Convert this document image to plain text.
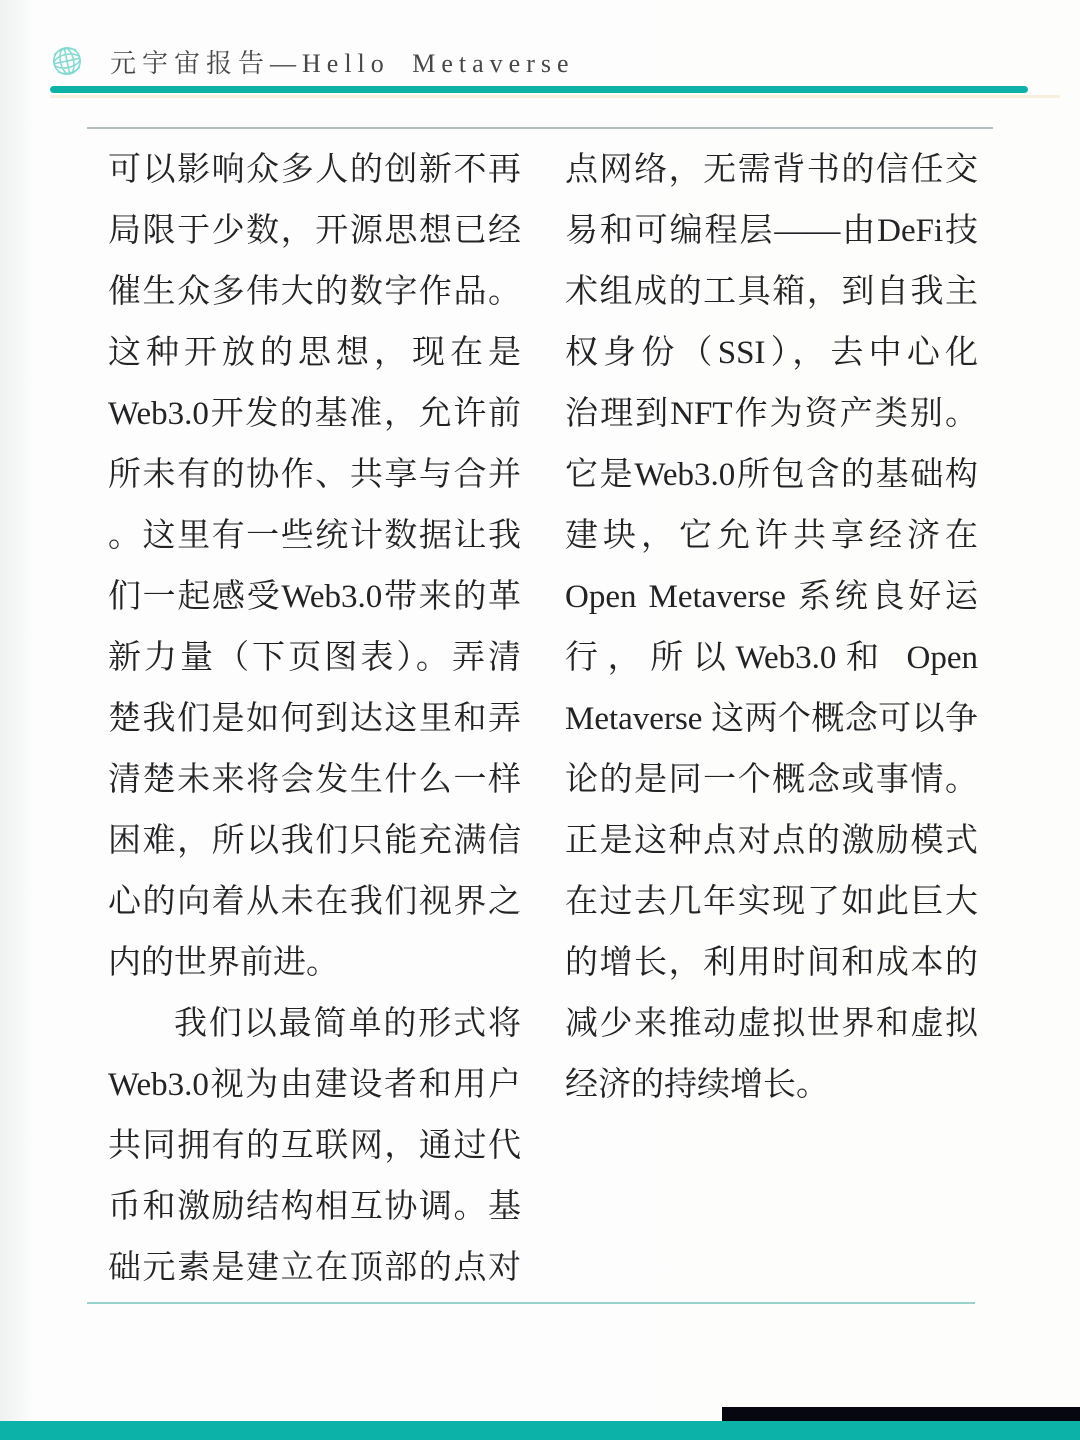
元宇宙报告—Hello Metaverse
可以影响众多人的创新不再
局限于少数，开源思想已经
催生众多伟大的数字作品。
这种开放的思想，现在是
Web3.0开发的基准，允许前
所未有的协作、共享与合并
。这里有一些统计数据让我
们一起感受Web3.0带来的革
新力量（下页图表）。弄清
楚我们是如何到达这里和弄
清楚未来将会发生什么一样
困难，所以我们只能充满信
心的向着从未在我们视界之
内的世界前进。
我们以最简单的形式将
Web3.0视为由建设者和用户
共同拥有的互联网，通过代
币和激励结构相互协调。基
础元素是建立在顶部的点对
点网络，无需背书的信任交
易和可编程层——由DeFi技
术组成的工具箱，到自我主
权身份（SSI），去中心化
治理到NFT作为资产类别。
它是Web3.0所包含的基础构
建块，它允许共享经济在
Open Metaverse 系统良好运
行，所以Web3.0和 Open
Metaverse 这两个概念可以争
论的是同一个概念或事情。
正是这种点对点的激励模式
在过去几年实现了如此巨大
的增长，利用时间和成本的
减少来推动虚拟世界和虚拟
经济的持续增长。
